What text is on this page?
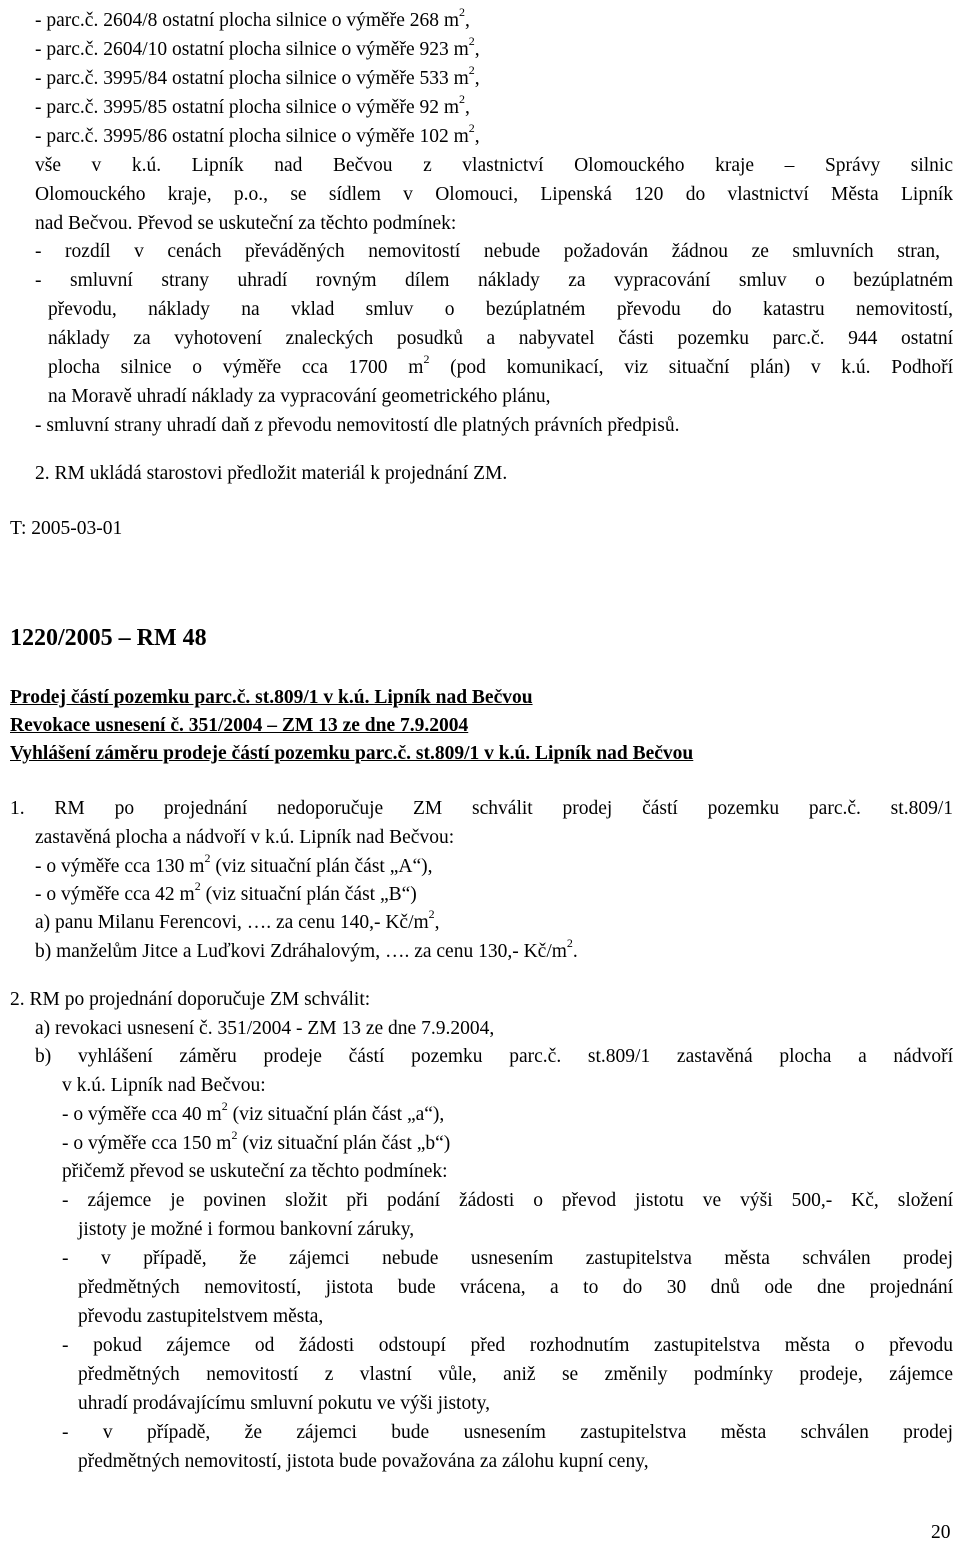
- parc.č. 2604/8 ostatní plocha silnice o výměře 268 $m^2$,
- parc.č. 2604/10 ostatní plocha silnice o výměře 923 $m^2$,
- parc.č. 3995/84 ostatní plocha silnice o výměře 533 $m^2$,
- parc.č. 3995/85 ostatní plocha silnice o výměře 92 $m^2$,
- parc.č. 3995/86 ostatní plocha silnice o výměře 102 $m^2$,
vše v k.ú. Lipník nad Bečvou z vlastnictví Olomouckého kraje – Správy silnic
Olomouckého kraje, p.o., se sídlem v Olomouci, Lipenská 120 do vlastnictví Města Lipník
nad Bečvou. Převod se uskuteční za těchto podmínek:
- rozdíl v cenách převáděných nemovitostí nebude požadován žádnou ze smluvních stran,
- smluvní strany uhradí rovným dílem náklady za vypracování smluv o bezúplatném
převodu, náklady na vklad smluv o bezúplatném převodu do katastru nemovitostí,
náklady za vyhotovení znaleckých posudků a nabyvatel části pozemku parc.č. 944 ostatní
plocha silnice o výměře cca 1700 $m^2$ (pod komunikací, viz situační plán) v k.ú. Podhoří
na Moravě uhradí náklady za vypracování geometrického plánu,
- smluvní strany uhradí daň z převodu nemovitostí dle platných právních předpisů.
2. RM ukládá starostovi předložit materiál k projednání ZM.
T: 2005-03-01
1220/2005 – RM 48
Prodej částí pozemku parc.č. st.809/1 v k.ú. Lipník nad Bečvou
Revokace usnesení č. 351/2004 – ZM 13 ze dne 7.9.2004
Vyhlášení záměru prodeje částí pozemku parc.č. st.809/1 v k.ú. Lipník nad Bečvou
1. RM po projednání nedoporučuje ZM schválit prodej částí pozemku parc.č. st.809/1
zastavěná plocha a nádvoří v k.ú. Lipník nad Bečvou:
- o výměře cca 130 $m^2$ (viz situační plán část „A“),
- o výměře cca 42 $m^2$ (viz situační plán část „B“)
a) panu Milanu Ferencovi, …. za cenu 140,- $Kč/m^2$,
b) manželům Jitce a Luďkovi Zdráhalovým, …. za cenu 130,- $Kč/m^2$.
2. RM po projednání doporučuje ZM schválit:
a) revokaci usnesení č. 351/2004 - ZM 13 ze dne 7.9.2004,
b) vyhlášení záměru prodeje částí pozemku parc.č. st.809/1 zastavěná plocha a nádvoří
v k.ú. Lipník nad Bečvou:
- o výměře cca 40 $m^2$ (viz situační plán část „a“),
- o výměře cca 150 $m^2$ (viz situační plán část „b“)
přičemž převod se uskuteční za těchto podmínek:
- zájemce je povinen složit při podání žádosti o převod jistotu ve výši 500,- Kč, složení
jistoty je možné i formou bankovní záruky,
- v případě, že zájemci nebude usnesením zastupitelstva města schválen prodej
předmětných nemovitostí, jistota bude vrácena, a to do 30 dnů ode dne projednání
převodu zastupitelstvem města,
- pokud zájemce od žádosti odstoupí před rozhodnutím zastupitelstva města o převodu
předmětných nemovitostí z vlastní vůle, aniž se změnily podmínky prodeje, zájemce
uhradí prodávajícímu smluvní pokutu ve výši jistoty,
- v případě, že zájemci bude usnesením zastupitelstva města schválen prodej
předmětných nemovitostí, jistota bude považována za zálohu kupní ceny,
20
